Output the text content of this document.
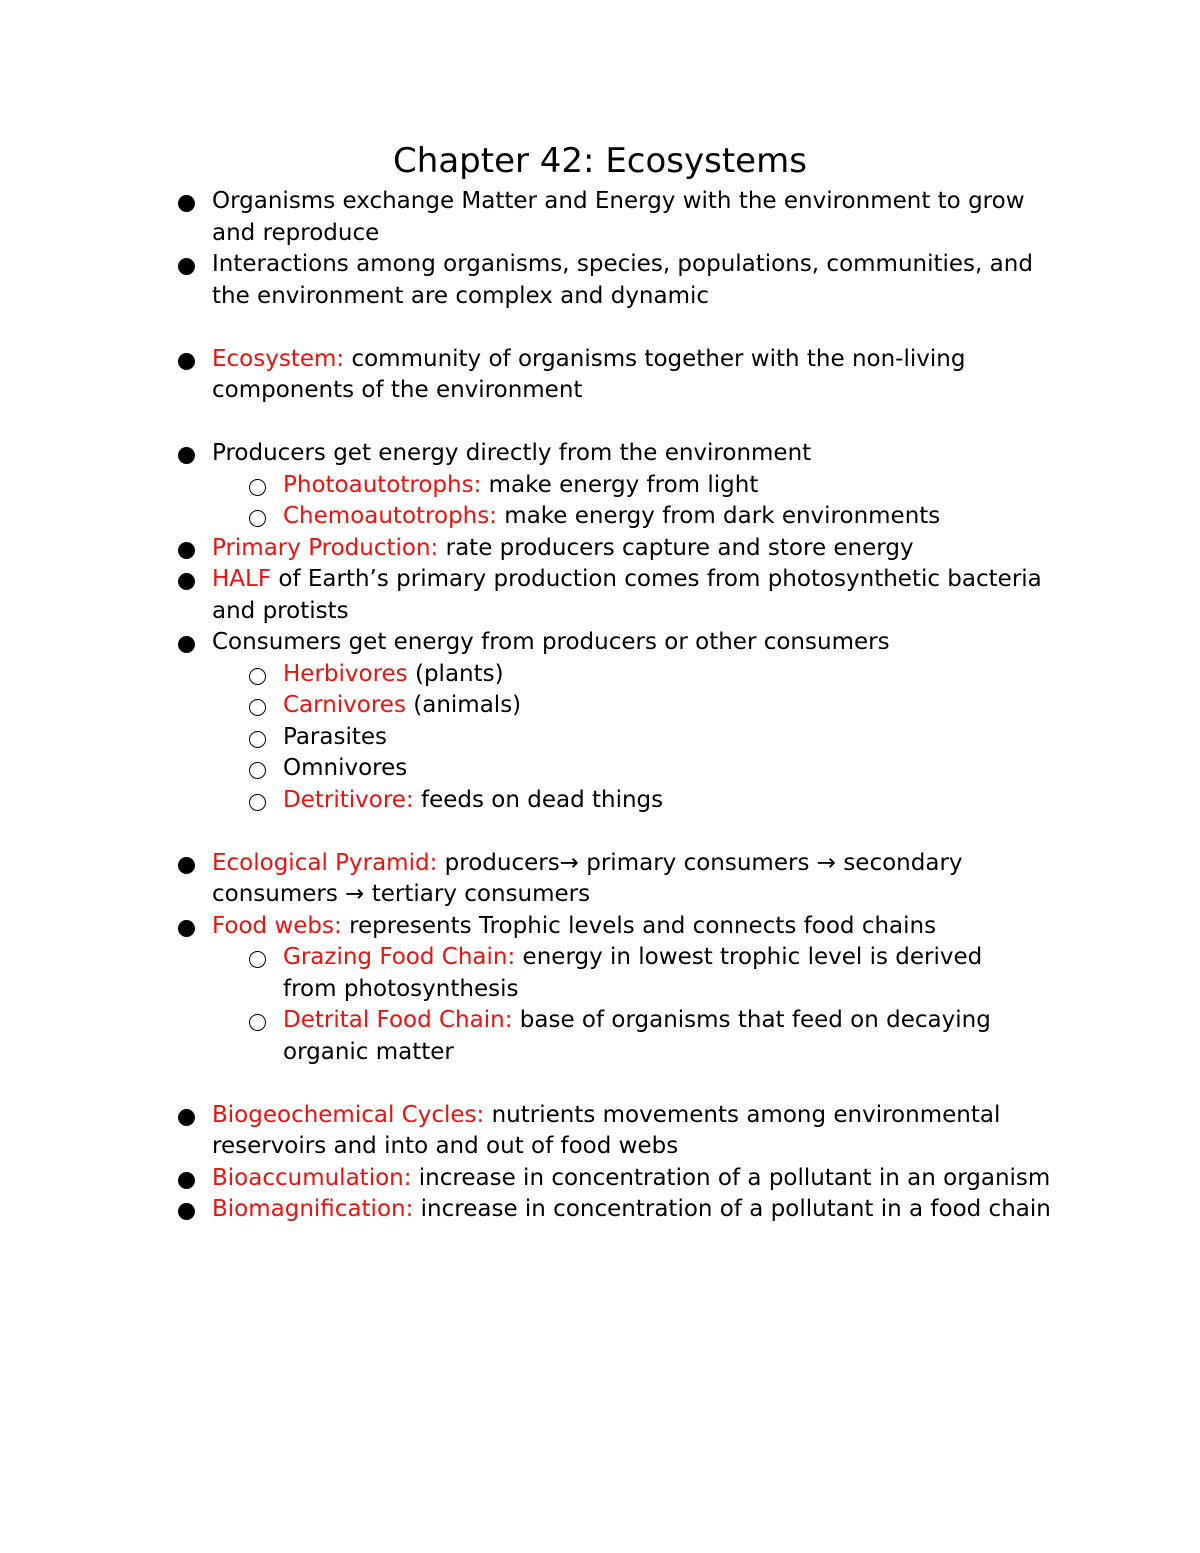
Chapter 42: Ecosystems
Organisms exchange Matter and Energy with the environment to grow and reproduce
Interactions among organisms, species, populations, communities, and the environment are complex and dynamic
Ecosystem: community of organisms together with the non-living components of the environment
Producers get energy directly from the environment
Photoautotrophs: make energy from light
Chemoautotrophs: make energy from dark environments
Primary Production: rate producers capture and store energy
HALF of Earth’s primary production comes from photosynthetic bacteria and protists
Consumers get energy from producers or other consumers
Herbivores (plants)
Carnivores (animals)
Parasites
Omnivores
Detritivore: feeds on dead things
Ecological Pyramid: producers→ primary consumers → secondary consumers → tertiary consumers
Food webs: represents Trophic levels and connects food chains
Grazing Food Chain: energy in lowest trophic level is derived from photosynthesis
Detrital Food Chain: base of organisms that feed on decaying organic matter
Biogeochemical Cycles: nutrients movements among environmental reservoirs and into and out of food webs
Bioaccumulation: increase in concentration of a pollutant in an organism
Biomagnification: increase in concentration of a pollutant in a food chain
